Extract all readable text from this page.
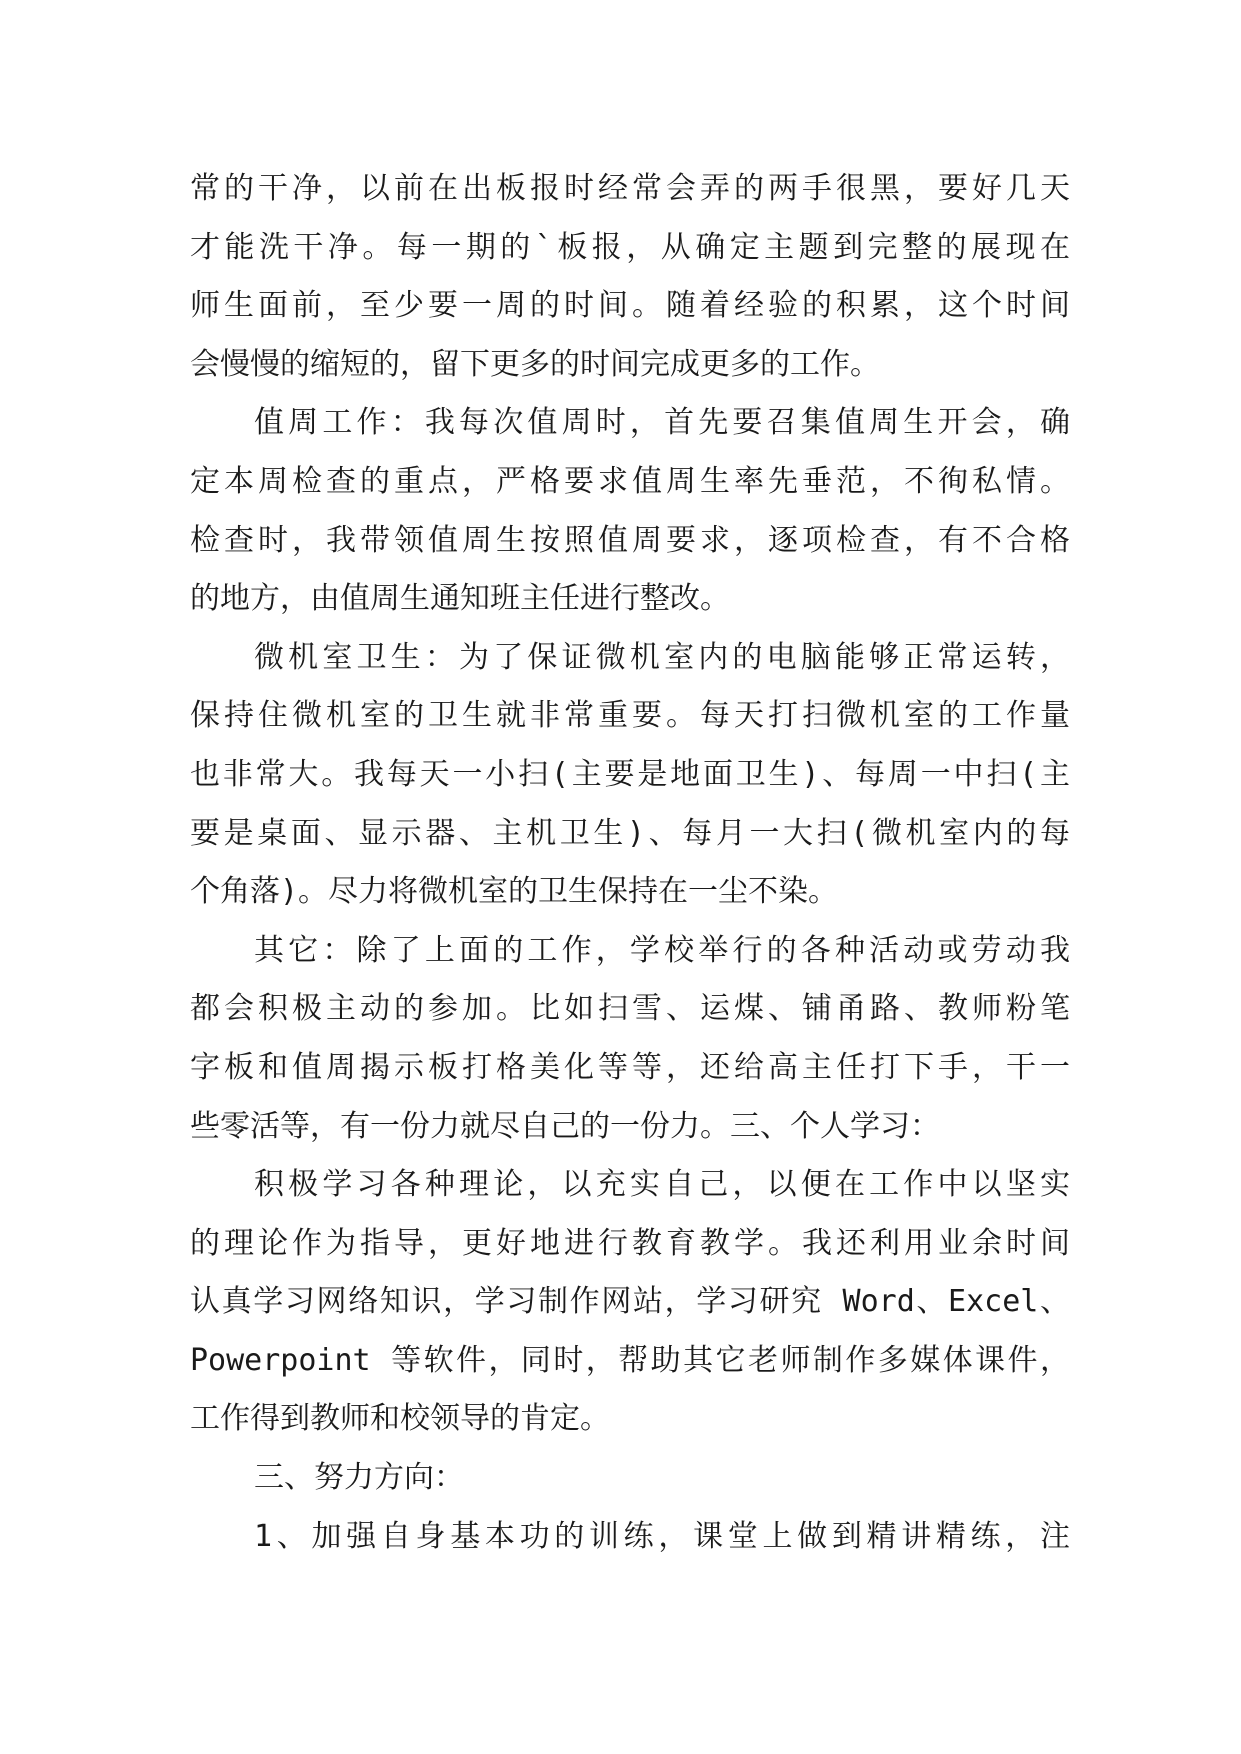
常的干净，以前在出板报时经常会弄的两手很黑，要好几天
才能洗干净。每一期的`板报，从确定主题到完整的展现在
师生面前，至少要一周的时间。随着经验的积累，这个时间
会慢慢的缩短的，留下更多的时间完成更多的工作。
值周工作：我每次值周时，首先要召集值周生开会，确
定本周检查的重点，严格要求值周生率先垂范，不徇私情。
检查时，我带领值周生按照值周要求，逐项检查，有不合格
的地方，由值周生通知班主任进行整改。
微机室卫生：为了保证微机室内的电脑能够正常运转，
保持住微机室的卫生就非常重要。每天打扫微机室的工作量
也非常大。我每天一小扫(主要是地面卫生)、每周一中扫(主
要是桌面、显示器、主机卫生)、每月一大扫(微机室内的每
个角落)。尽力将微机室的卫生保持在一尘不染。
其它：除了上面的工作，学校举行的各种活动或劳动我
都会积极主动的参加。比如扫雪、运煤、铺甬路、教师粉笔
字板和值周揭示板打格美化等等，还给高主任打下手，干一
些零活等，有一份力就尽自己的一份力。三、个人学习：
积极学习各种理论，以充实自己，以便在工作中以坚实
的理论作为指导，更好地进行教育教学。我还利用业余时间
认真学习网络知识，学习制作网站，学习研究 Word、Excel、
Powerpoint 等软件，同时，帮助其它老师制作多媒体课件，
工作得到教师和校领导的肯定。
三、努力方向：
1、加强自身基本功的训练，课堂上做到精讲精练，注
